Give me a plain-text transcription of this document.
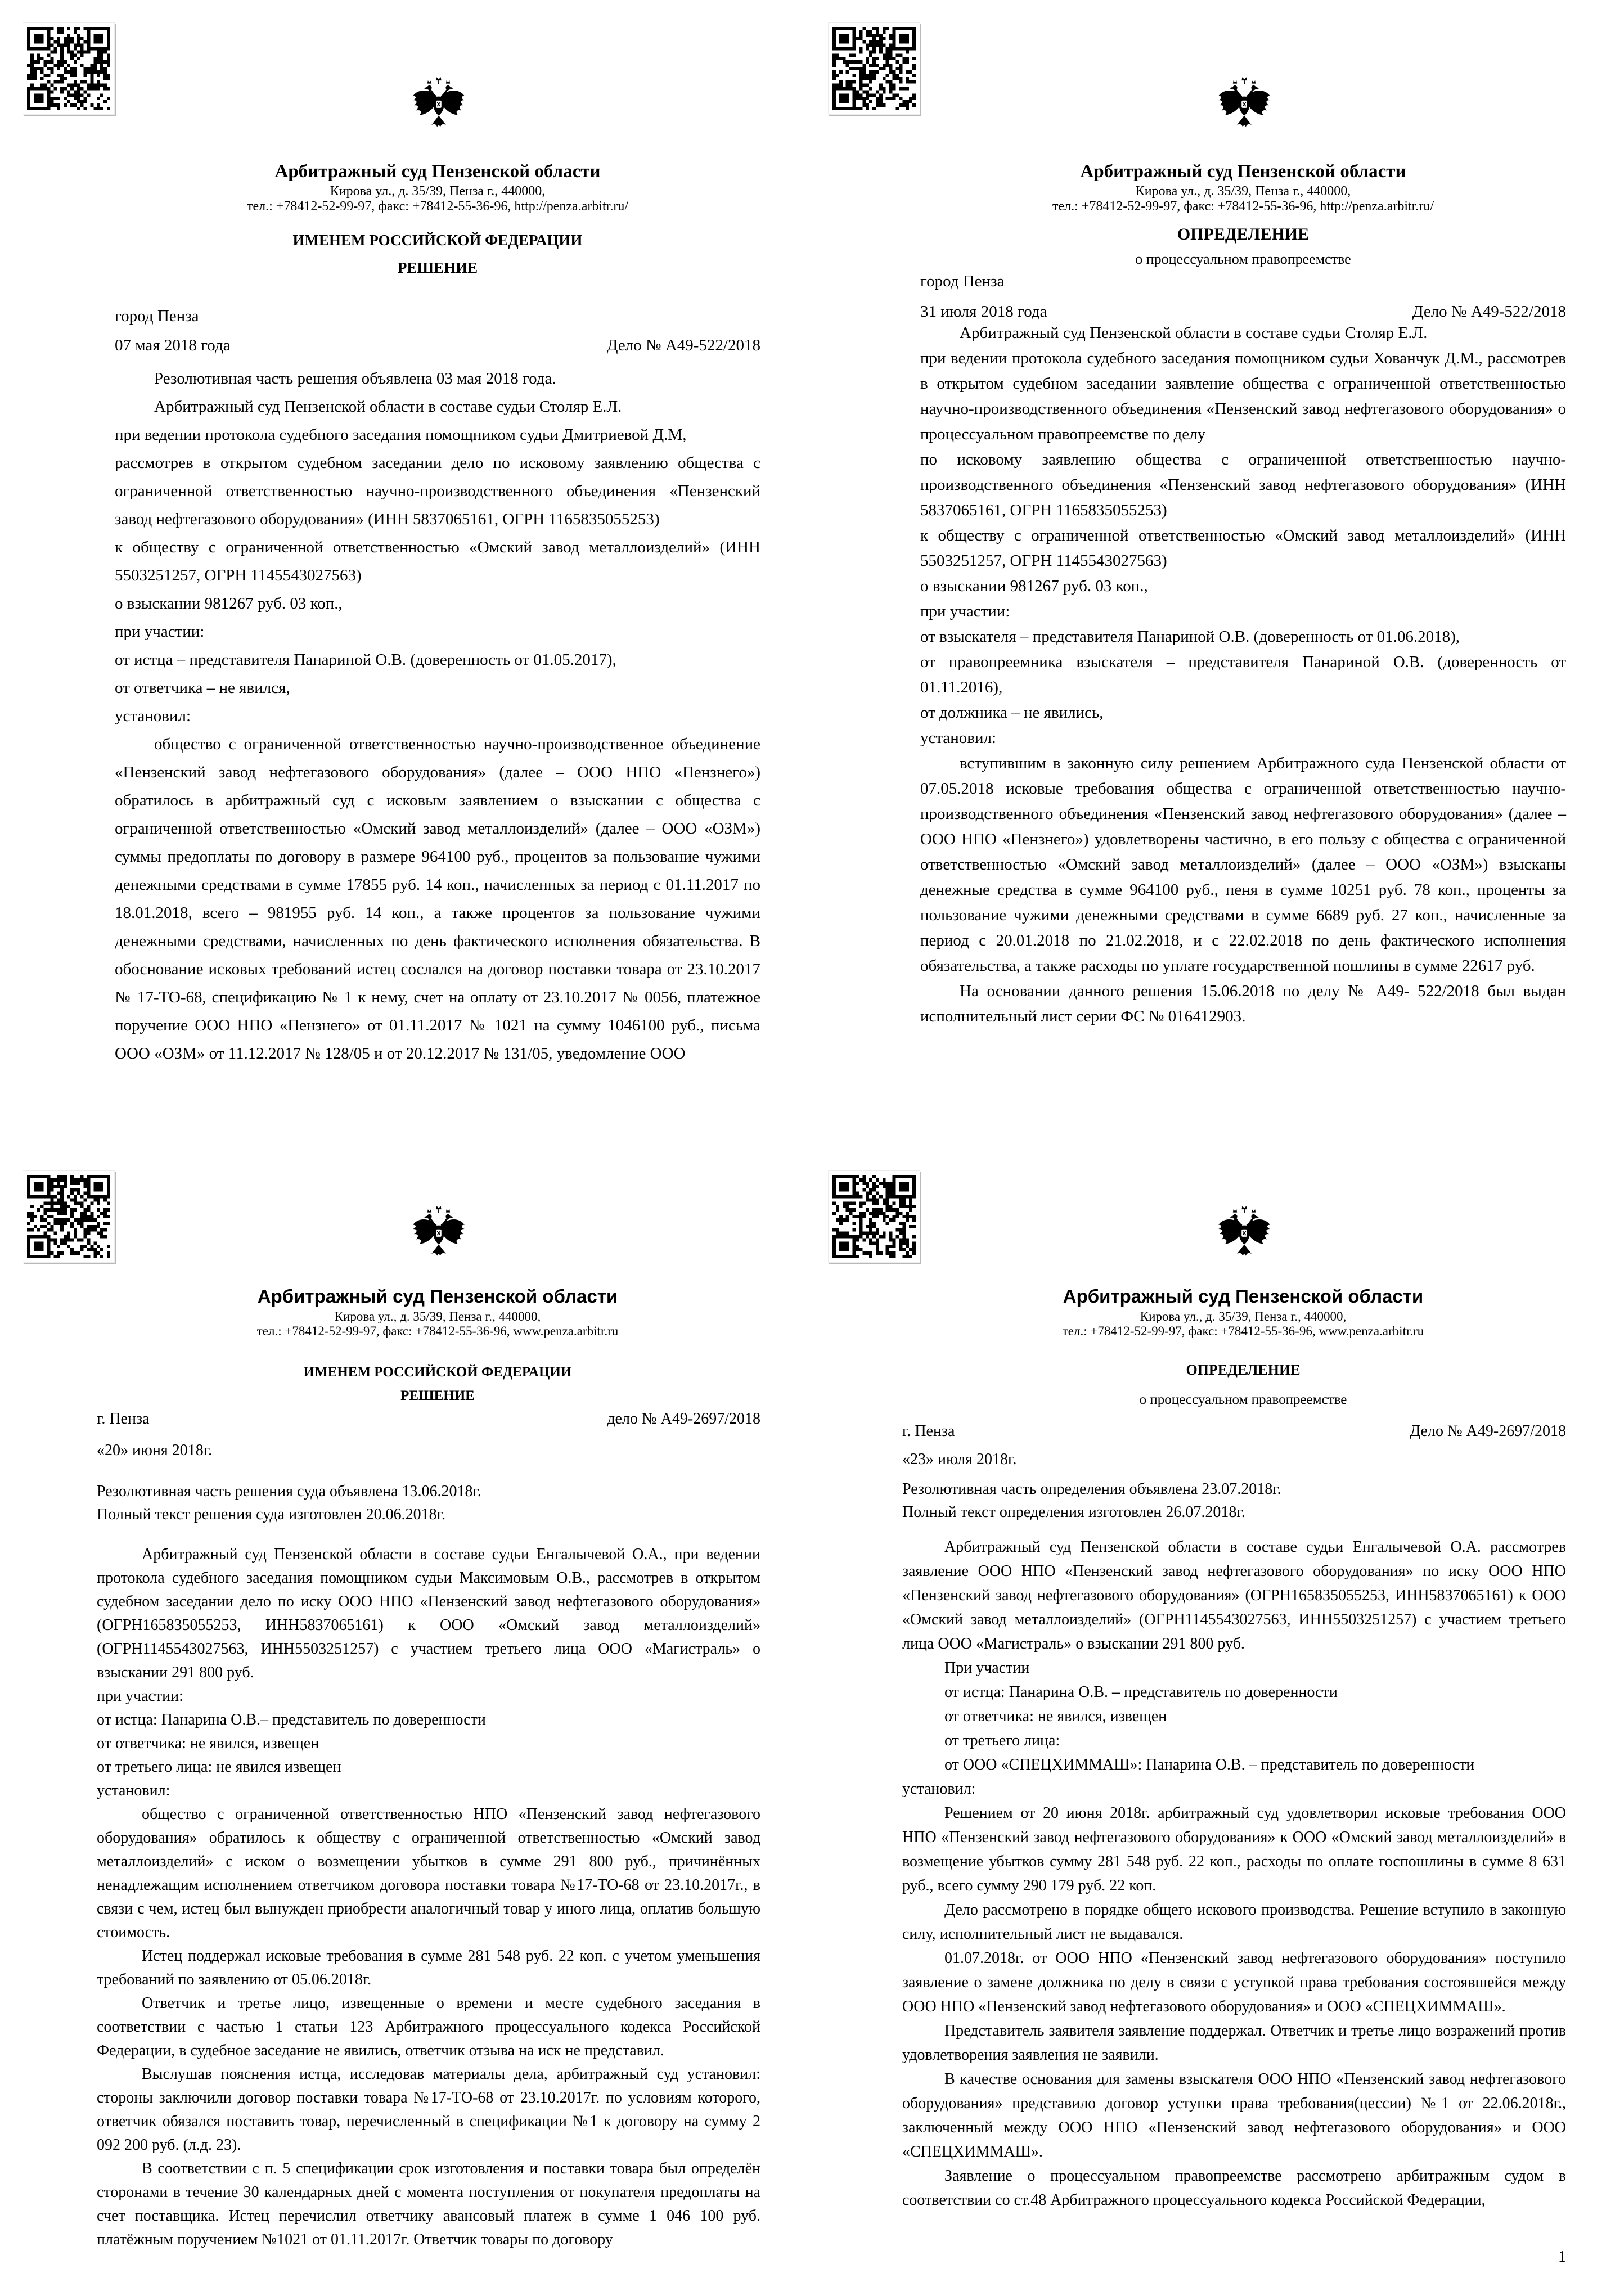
Арбитражный суд Пензенской области
Кирова ул., д. 35/39, Пенза г., 440000,
тел.: +78412-52-99-97, факс: +78412-55-36-96, http://penza.arbitr.ru/
ИМЕНЕМ РОССИЙСКОЙ ФЕДЕРАЦИИ
РЕШЕНИЕ
город Пенза
07 мая 2018 года	Дело № А49-522/2018

Резолютивная часть решения объявлена 03 мая 2018 года.

Арбитражный суд Пензенской области в составе судьи Столяр Е.Л.

при ведении протокола судебного заседания помощником судьи Дмитриевой Д.М,

рассмотрев в открытом судебном заседании дело по исковому заявлению общества с ограниченной ответственностью научно-производственного объединения «Пензенский завод нефтегазового оборудования» (ИНН 5837065161, ОГРН 1165835055253)

к обществу с ограниченной ответственностью «Омский завод металлоизделий» (ИНН 5503251257, ОГРН 1145543027563)

о взыскании 981267 руб. 03 коп.,

при участии:

от истца – представителя Панариной О.В. (доверенность от 01.05.2017),

от ответчика – не явился,

установил:

общество с ограниченной ответственностью научно-производственное объединение «Пензенский завод нефтегазового оборудования» (далее – ООО НПО «Пензнего») обратилось в арбитражный суд с исковым заявлением о взыскании с общества с ограниченной ответственностью «Омский завод металлоизделий» (далее – ООО «ОЗМ») суммы предоплаты по договору в размере 964100 руб., процентов за пользование чужими денежными средствами в сумме 17855 руб. 14 коп., начисленных за период с 01.11.2017 по 18.01.2018, всего – 981955 руб. 14 коп., а также процентов за пользование чужими денежными средствами, начисленных по день фактического исполнения обязательства. В обоснование исковых требований истец сослался на договор поставки товара от 23.10.2017 № 17-ТО-68, спецификацию № 1 к нему, счет на оплату от 23.10.2017 № 0056, платежное поручение ООО НПО «Пензнего» от 01.11.2017 № 1021 на сумму 1046100 руб., письма ООО «ОЗМ» от 11.12.2017 № 128/05 и от 20.12.2017 № 131/05, уведомление ООО

Арбитражный суд Пензенской области
Кирова ул., д. 35/39, Пенза г., 440000,
тел.: +78412-52-99-97, факс: +78412-55-36-96, http://penza.arbitr.ru/
ОПРЕДЕЛЕНИЕ
о процессуальном правопреемстве
город Пенза
31 июля 2018 года	Дело № А49-522/2018

Арбитражный суд Пензенской области в составе судьи Столяр Е.Л.

при ведении протокола судебного заседания помощником судьи Хованчук Д.М., рассмотрев в открытом судебном заседании заявление общества с ограниченной ответственностью научно-производственного объединения «Пензенский завод нефтегазового оборудования» о процессуальном правопреемстве по делу

по исковому заявлению общества с ограниченной ответственностью научно-производственного объединения «Пензенский завод нефтегазового оборудования» (ИНН 5837065161, ОГРН 1165835055253)

к обществу с ограниченной ответственностью «Омский завод металлоизделий» (ИНН 5503251257, ОГРН 1145543027563)

о взыскании 981267 руб. 03 коп.,

при участии:

от взыскателя – представителя Панариной О.В. (доверенность от 01.06.2018),

от правопреемника взыскателя – представителя Панариной О.В. (доверенность от 01.11.2016),

от должника – не явились,

установил:

вступившим в законную силу решением Арбитражного суда Пензенской области от 07.05.2018 исковые требования общества с ограниченной ответственностью научно-производственного объединения «Пензенский завод нефтегазового оборудования» (далее – ООО НПО «Пензнего») удовлетворены частично, в его пользу с общества с ограниченной ответственностью «Омский завод металлоизделий» (далее – ООО «ОЗМ») взысканы денежные средства в сумме 964100 руб., пеня в сумме 10251 руб. 78 коп., проценты за пользование чужими денежными средствами в сумме 6689 руб. 27 коп., начисленные за период с 20.01.2018 по 21.02.2018, и с 22.02.2018 по день фактического исполнения обязательства, а также расходы по уплате государственной пошлины в сумме 22617 руб.

На основании данного решения 15.06.2018 по делу № А49- 522/2018 был выдан исполнительный лист серии ФС № 016412903.

Арбитражный суд Пензенской области
Кирова ул., д. 35/39, Пенза г., 440000,
тел.: +78412-52-99-97, факс: +78412-55-36-96, www.penza.arbitr.ru
ИМЕНЕМ РОССИЙСКОЙ ФЕДЕРАЦИИ
РЕШЕНИЕ
г. Пенза	дело № А49-2697/2018
«20» июня 2018г.
Резолютивная часть решения суда объявлена 13.06.2018г.
Полный текст решения суда изготовлен 20.06.2018г.

Арбитражный суд Пензенской области в составе судьи Енгалычевой О.А., при ведении протокола судебного заседания помощником судьи Максимовым О.В., рассмотрев в открытом судебном заседании дело по иску ООО НПО «Пензенский завод нефтегазового оборудования» (ОГРН165835055253, ИНН5837065161) к ООО «Омский завод металлоизделий» (ОГРН1145543027563, ИНН5503251257) с участием третьего лица ООО «Магистраль» о взыскании 291 800 руб.

при участии:

от истца: Панарина О.В.– представитель по доверенности

от ответчика: не явился, извещен

от третьего лица: не явился извещен

установил:

общество с ограниченной ответственностью НПО «Пензенский завод нефтегазового оборудования» обратилось к обществу с ограниченной ответственностью «Омский завод металлоизделий» с иском о возмещении убытков в сумме 291 800 руб., причинённых ненадлежащим исполнением ответчиком договора поставки товара №17-ТО-68 от 23.10.2017г., в связи с чем, истец был вынужден приобрести аналогичный товар у иного лица, оплатив большую стоимость.

Истец поддержал исковые требования в сумме 281 548 руб. 22 коп. с учетом уменьшения требований по заявлению от 05.06.2018г.

Ответчик и третье лицо, извещенные о времени и месте судебного заседания в соответствии с частью 1 статьи 123 Арбитражного процессуального кодекса Российской Федерации, в судебное заседание не явились, ответчик отзыва на иск не представил.

Выслушав пояснения истца, исследовав материалы дела, арбитражный суд установил: стороны заключили договор поставки товара №17-ТО-68 от 23.10.2017г. по условиям которого, ответчик обязался поставить товар, перечисленный в спецификации №1 к договору на сумму 2 092 200 руб. (л.д. 23).

В соответствии с п. 5 спецификации срок изготовления и поставки товара был определён сторонами в течение 30 календарных дней с момента поступления от покупателя предоплаты на счет поставщика. Истец перечислил ответчику авансовый платеж в сумме 1 046 100 руб. платёжным поручением №1021 от 01.11.2017г. Ответчик товары по договору

Арбитражный суд Пензенской области
Кирова ул., д. 35/39, Пенза г., 440000,
тел.: +78412-52-99-97, факс: +78412-55-36-96, www.penza.arbitr.ru
ОПРЕДЕЛЕНИЕ
о процессуальном правопреемстве
г. Пенза	Дело № А49-2697/2018
«23» июля 2018г.
Резолютивная часть определения объявлена 23.07.2018г.
Полный текст определения изготовлен 26.07.2018г.

Арбитражный суд Пензенской области в составе судьи Енгалычевой О.А. рассмотрев заявление ООО НПО «Пензенский завод нефтегазового оборудования» по иску ООО НПО «Пензенский завод нефтегазового оборудования» (ОГРН165835055253, ИНН5837065161) к ООО «Омский завод металлоизделий» (ОГРН1145543027563, ИНН5503251257) с участием третьего лица ООО «Магистраль» о взыскании 291 800 руб.

При участии

от истца: Панарина О.В. – представитель по доверенности

от ответчика: не явился, извещен

от третьего лица:

от ООО «СПЕЦХИММАШ»: Панарина О.В. – представитель по доверенности

установил:

Решением от 20 июня 2018г. арбитражный суд удовлетворил исковые требования ООО НПО «Пензенский завод нефтегазового оборудования» к ООО «Омский завод металлоизделий» в возмещение убытков сумму 281 548 руб. 22 коп., расходы по оплате госпошлины в сумме 8 631 руб., всего сумму 290 179 руб. 22 коп.

Дело рассмотрено в порядке общего искового производства. Решение вступило в законную силу, исполнительный лист не выдавался.

01.07.2018г. от ООО НПО «Пензенский завод нефтегазового оборудования» поступило заявление о замене должника по делу в связи с уступкой права требования состоявшейся между ООО НПО «Пензенский завод нефтегазового оборудования» и ООО «СПЕЦХИММАШ».

Представитель заявителя заявление поддержал. Ответчик и третье лицо возражений против удовлетворения заявления не заявили.

В качестве основания для замены взыскателя ООО НПО «Пензенский завод нефтегазового оборудования» представило договор уступки права требования(цессии) №1 от 22.06.2018г., заключенный между ООО НПО «Пензенский завод нефтегазового оборудования» и ООО «СПЕЦХИММАШ».

Заявление о процессуальном правопреемстве рассмотрено арбитражным судом в соответствии со ст.48 Арбитражного процессуального кодекса Российской Федерации,

1
